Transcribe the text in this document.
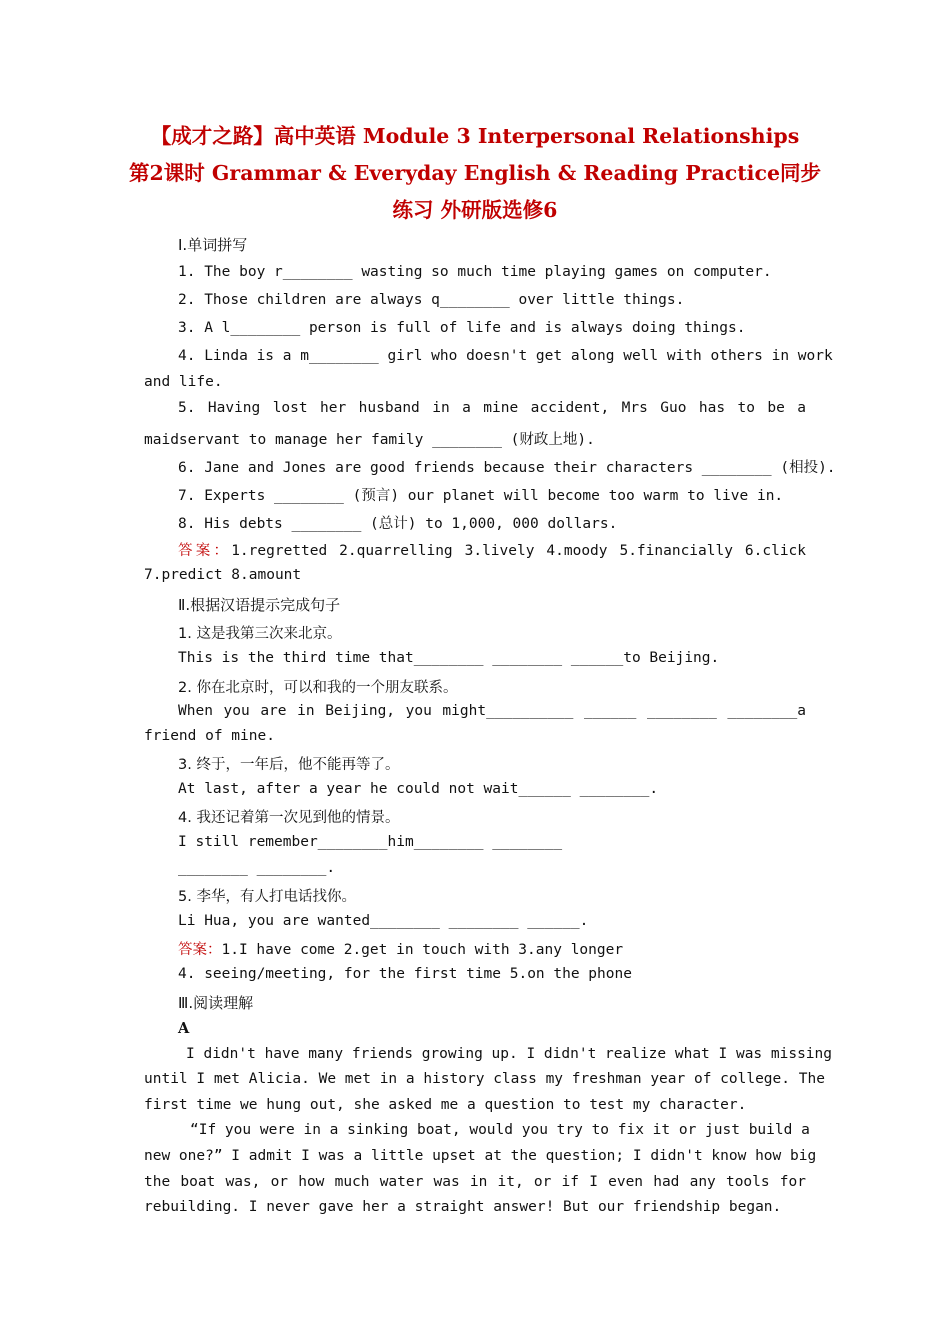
【成才之路】高中英语 Module 3 Interpersonal Relationships
第2课时 Grammar & Everyday English & Reading Practice同步
练习 外研版选修6
Ⅰ.单词拼写
1. The boy r________ wasting so much time playing games on computer.
2. Those children are always q________ over little things.
3. A l________ person is full of life and is always doing things.
4. Linda is a m________ girl who doesn't get along well with others in work
and life.
5. Having lost her husband in a mine accident, Mrs Guo has to be a
maidservant to manage her family ________ (财政上地).
6. Jane and Jones are good friends because their characters ________ (相投).
7. Experts ________ (预言) our planet will become too warm to live in.
8. His debts ________ (总计) to 1,000, 000 dollars.
答案：1.regretted 2.quarrelling 3.lively 4.moody 5.financially 6.click
7.predict 8.amount
Ⅱ.根据汉语提示完成句子
1. 这是我第三次来北京。
This is the third time that________ ________ ______to Beijing.
2. 你在北京时，可以和我的一个朋友联系。
When you are in Beijing, you might__________ ______ ________ ________a
friend of mine.
3. 终于，一年后，他不能再等了。
At last, after a year he could not wait______ ________.
4. 我还记着第一次见到他的情景。
I still remember________him________ ________
________ ________.
5. 李华，有人打电话找你。
Li Hua, you are wanted________ ________ ______.
答案：1.I have come 2.get in touch with 3.any longer
4. seeing/meeting, for the first time 5.on the phone
Ⅲ.阅读理解
A
I didn't have many friends growing up. I didn't realize what I was missing
until I met Alicia. We met in a history class my freshman year of college. The
first time we hung out, she asked me a question to test my character.
“If you were in a sinking boat, would you try to fix it or just build a
new one?” I admit I was a little upset at the question; I didn't know how big
the boat was, or how much water was in it, or if I even had any tools for
rebuilding. I never gave her a straight answer! But our friendship began.
